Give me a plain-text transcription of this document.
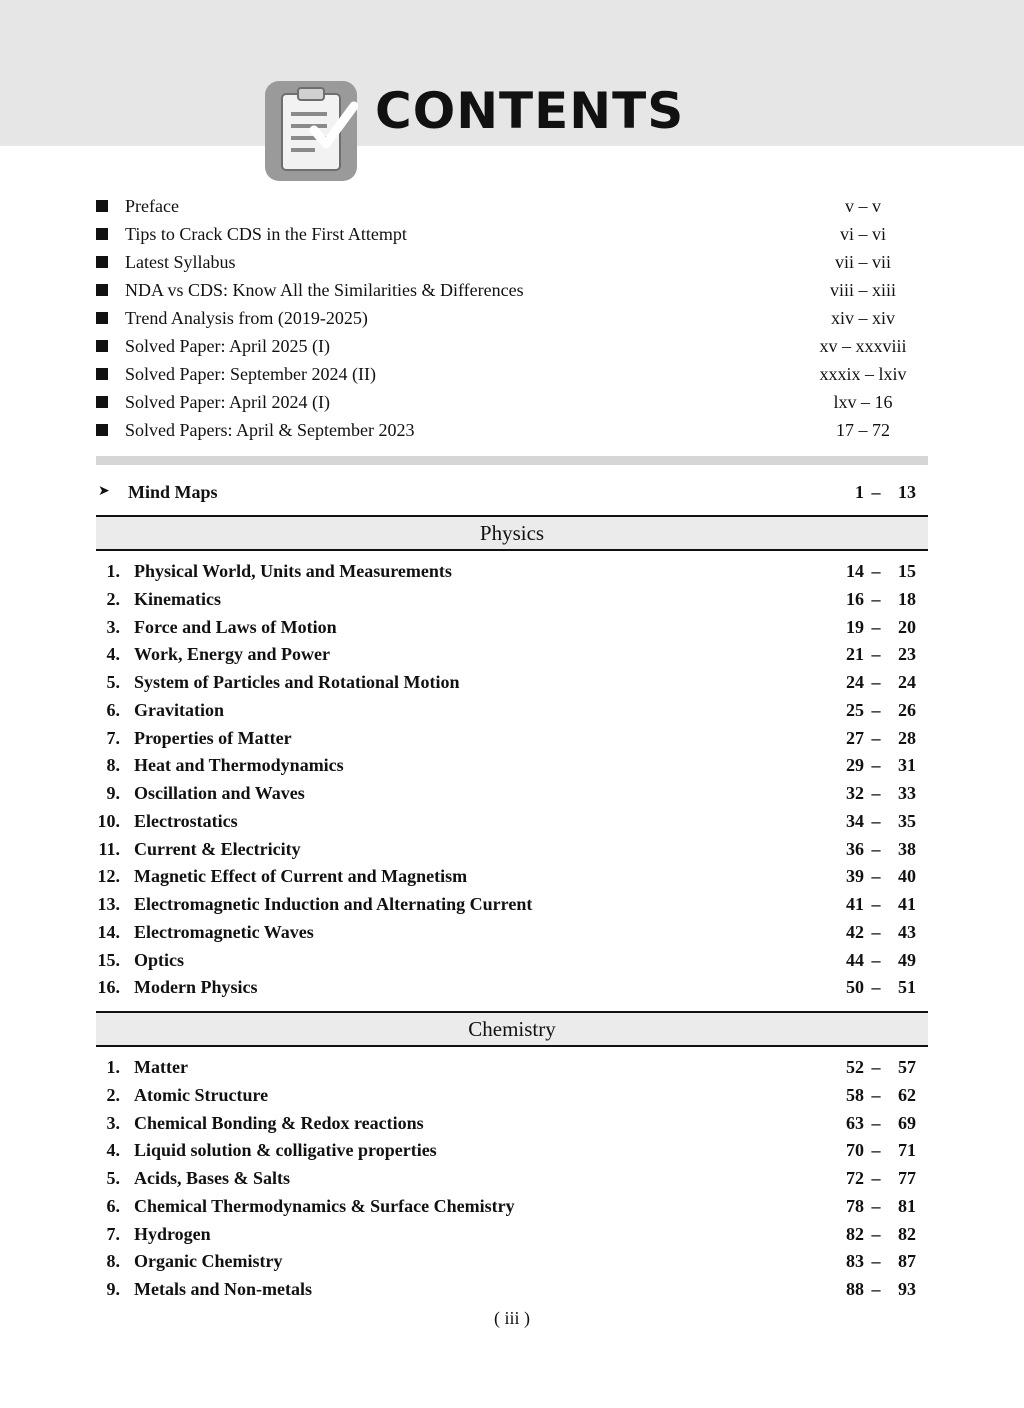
CONTENTS
Preface	v – v
Tips to Crack CDS in the First Attempt	vi – vi
Latest Syllabus	vii – vii
NDA vs CDS: Know All the Similarities & Differences	viii – xiii
Trend Analysis from (2019-2025)	xiv – xiv
Solved Paper: April 2025 (I)	xv – xxxviii
Solved Paper: September 2024 (II)	xxxix – lxiv
Solved Paper: April 2024 (I)	lxv – 16
Solved Papers: April & September 2023	17 – 72
➤ Mind Maps	1 – 13
Physics
1. Physical World, Units and Measurements	14 – 15
2. Kinematics	16 – 18
3. Force and Laws of Motion	19 – 20
4. Work, Energy and Power	21 – 23
5. System of Particles and Rotational Motion	24 – 24
6. Gravitation	25 – 26
7. Properties of Matter	27 – 28
8. Heat and Thermodynamics	29 – 31
9. Oscillation and Waves	32 – 33
10. Electrostatics	34 – 35
11. Current & Electricity	36 – 38
12. Magnetic Effect of Current and Magnetism	39 – 40
13. Electromagnetic Induction and Alternating Current	41 – 41
14. Electromagnetic Waves	42 – 43
15. Optics	44 – 49
16. Modern Physics	50 – 51
Chemistry
1. Matter	52 – 57
2. Atomic Structure	58 – 62
3. Chemical Bonding & Redox reactions	63 – 69
4. Liquid solution & colligative properties	70 – 71
5. Acids, Bases & Salts	72 – 77
6. Chemical Thermodynamics & Surface Chemistry	78 – 81
7. Hydrogen	82 – 82
8. Organic Chemistry	83 – 87
9. Metals and Non-metals	88 – 93
( iii )
